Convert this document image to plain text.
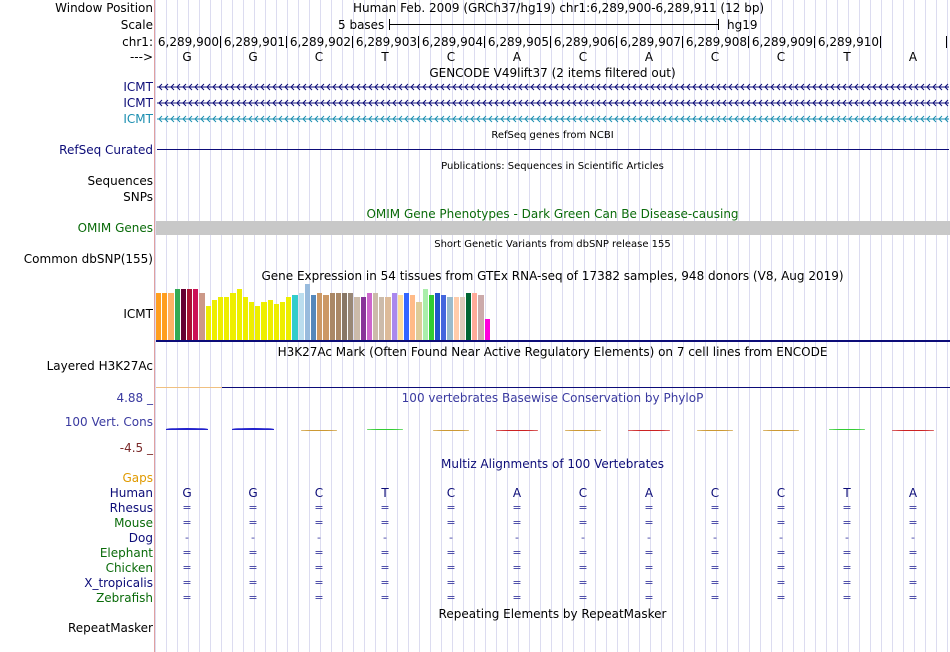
Window Position	Human Feb. 2009 (GRCh37/hg19) chr1:6,289,900-6,289,911 (12 bp)
Scale	5 bases	hg19
chr1: 6,289,900 6,289,901 6,289,902 6,289,903 6,289,904 6,289,905 6,289,906 6,289,907 6,289,908 6,289,909 6,289,910
--->	G	G	C	T	C	A	C	A	C	C	T	A
GENCODE V49lift37 (2 items filtered out)
ICMT
ICMT
ICMT
RefSeq genes from NCBI
RefSeq Curated
Publications: Sequences in Scientific Articles
Sequences
SNPs
OMIM Gene Phenotypes - Dark Green Can Be Disease-causing
OMIM Genes
Short Genetic Variants from dbSNP release 155
Common dbSNP(155)
Gene Expression in 54 tissues from GTEx RNA-seq of 17382 samples, 948 donors (V8, Aug 2019)
ICMT
H3K27Ac Mark (Often Found Near Active Regulatory Elements) on 7 cell lines from ENCODE
Layered H3K27Ac
4.88 _	100 vertebrates Basewise Conservation by PhyloP
100 Vert. Cons
-4.5 _
Multiz Alignments of 100 Vertebrates
Gaps
Human	G	G	C	T	C	A	C	A	C	C	T	A
Rhesus	=	=	=	=	=	=	=	=	=	=	=	=
Mouse	=	=	=	=	=	=	=	=	=	=	=	=
Dog	-	-	-	-	-	-	-	-	-	-	-	-
Elephant	=	=	=	=	=	=	=	=	=	=	=	=
Chicken	=	=	=	=	=	=	=	=	=	=	=	=
X_tropicalis	=	=	=	=	=	=	=	=	=	=	=	=
Zebrafish	=	=	=	=	=	=	=	=	=	=	=	=
Repeating Elements by RepeatMasker
RepeatMasker
